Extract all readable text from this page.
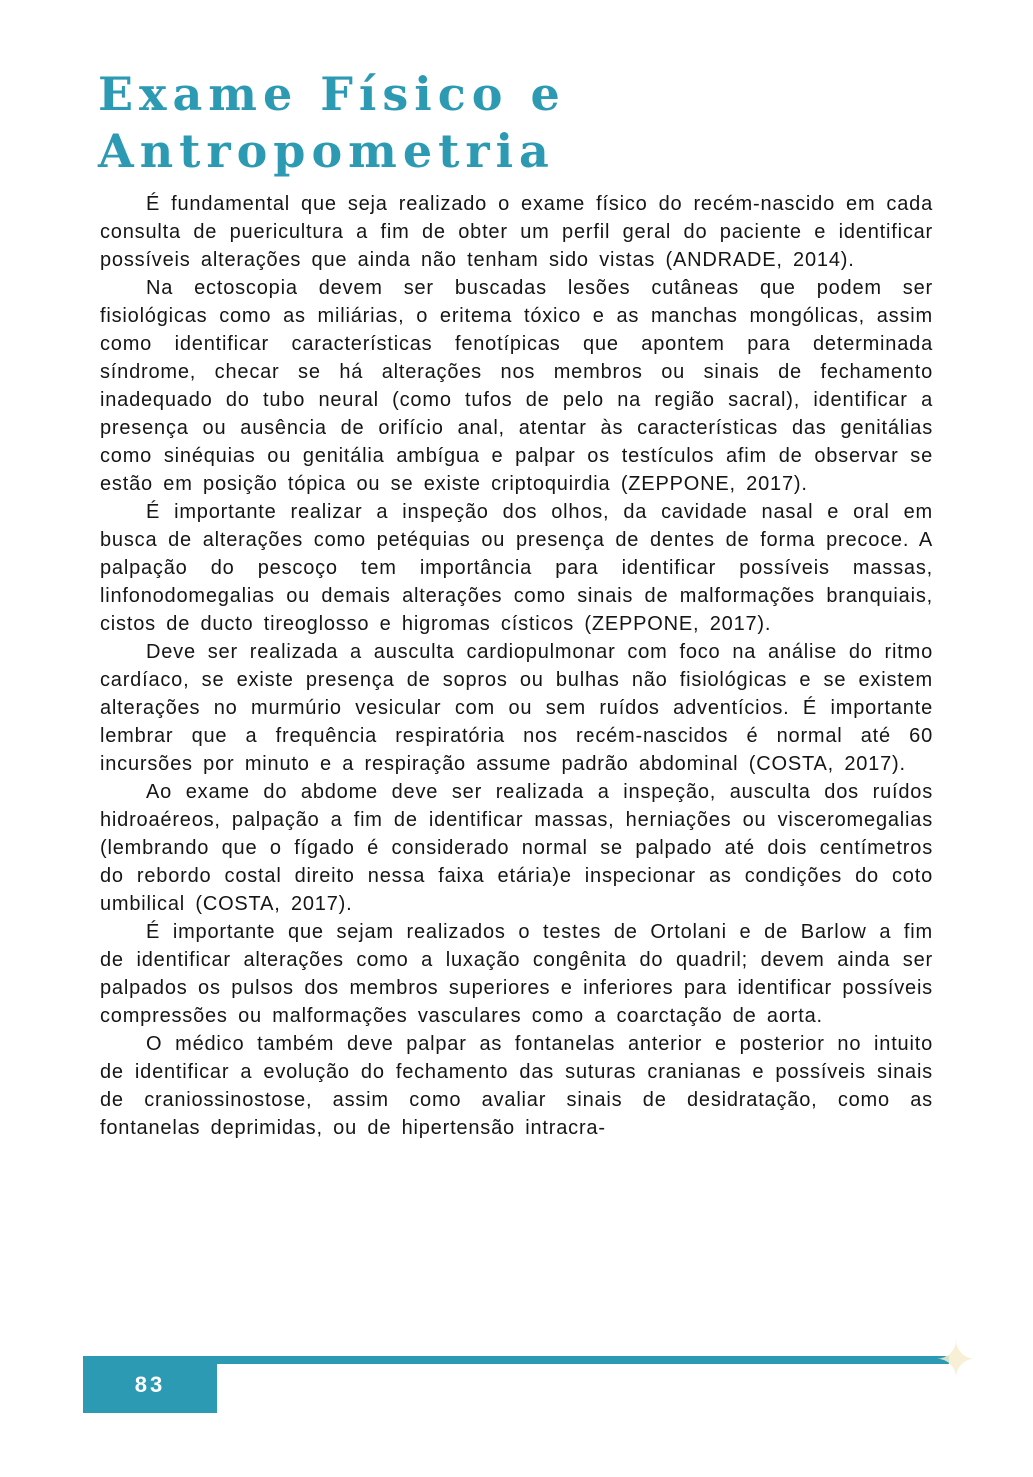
Exame Físico e
Antropometria

É fundamental que seja realizado o exame físico do recém-nascido em cada consulta de puericultura a fim de obter um perfil geral do paciente e identificar possíveis alterações que ainda não tenham sido vistas (ANDRADE, 2014).

Na ectoscopia devem ser buscadas lesões cutâneas que podem ser fisiológicas como as miliárias, o eritema tóxico e as manchas mongólicas, assim como identificar características fenotípicas que apontem para determinada síndrome, checar se há alterações nos membros ou sinais de fechamento inadequado do tubo neural (como tufos de pelo na região sacral), identificar a presença ou ausência de orifício anal, atentar às características das genitálias como sinéquias ou genitália ambígua e palpar os testículos afim de observar se estão em posição tópica ou se existe criptoquirdia (ZEPPONE, 2017).

É importante realizar a inspeção dos olhos, da cavidade nasal e oral em busca de alterações como petéquias ou presença de dentes de forma precoce. A palpação do pescoço tem importância para identificar possíveis massas, linfonodomegalias ou demais alterações como sinais de malformações branquiais, cistos de ducto tireoglosso e higromas císticos (ZEPPONE, 2017).

Deve ser realizada a ausculta cardiopulmonar com foco na análise do ritmo cardíaco, se existe presença de sopros ou bulhas não fisiológicas e se existem alterações no murmúrio vesicular com ou sem ruídos adventícios. É importante lembrar que a frequência respiratória nos recém-nascidos é normal até 60 incursões por minuto e a respiração assume padrão abdominal (COSTA, 2017).

Ao exame do abdome deve ser realizada a inspeção, ausculta dos ruídos hidroaéreos, palpação a fim de identificar massas, herniações ou visceromegalias (lembrando que o fígado é considerado normal se palpado até dois centímetros do rebordo costal direito nessa faixa etária)e inspecionar as condições do coto umbilical (COSTA, 2017).

É importante que sejam realizados o testes de Ortolani e de Barlow a fim de identificar alterações como a luxação congênita do quadril; devem ainda ser palpados os pulsos dos membros superiores e inferiores para identificar possíveis compressões ou malformações vasculares como a coarctação de aorta.

O médico também deve palpar as fontanelas anterior e posterior no intuito de identificar a evolução do fechamento das suturas cranianas e possíveis sinais de craniossinostose, assim como avaliar sinais de desidratação, como as fontanelas deprimidas, ou de hipertensão intracra-

✦
83
